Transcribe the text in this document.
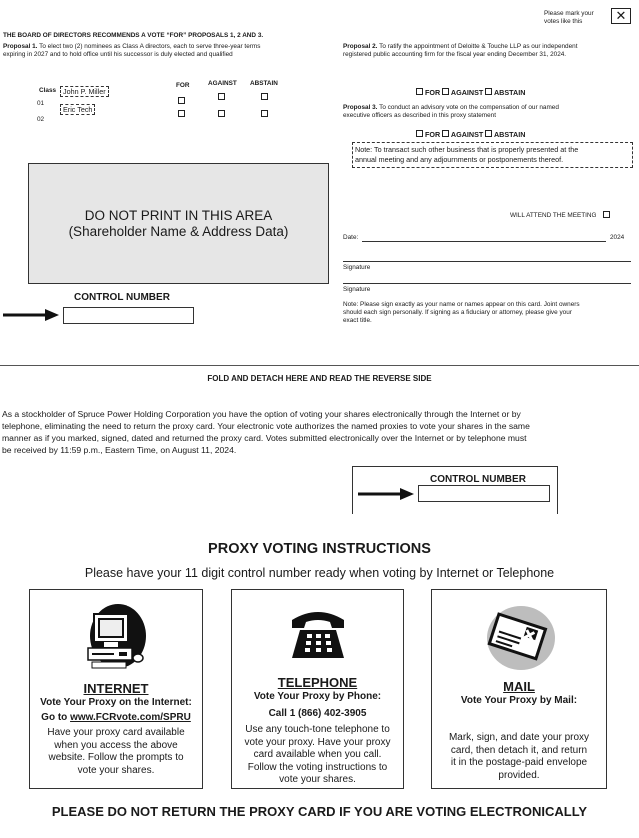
THE BOARD OF DIRECTORS RECOMMENDS A VOTE “FOR” PROPOSALS 1, 2 AND 3.
Please mark your
votes like this	✕
Proposal 1. To elect two (2) nominees as Class A directors, each to serve three-year terms
expiring in 2027 and to hold office until his successor is duly elected and qualified
Class
01
02
John P. Miller
Eric Tech
FOR	AGAINST ABSTAIN
Proposal 2. To ratify the appointment of Deloitte & Touche LLP as our independent
registered public accounting firm for the fiscal year ending December 31, 2024.
FOR AGAINST ABSTAIN
Proposal 3. To conduct an advisory vote on the compensation of our named
executive officers as described in this proxy statement
FOR AGAINST ABSTAIN
Note: To transact such other business that is properly presented at the
annual meeting and any adjournments or postponements thereof.
DO NOT PRINT IN THIS AREA
(Shareholder Name & Address Data)
WILL ATTEND THE MEETING
Date:	2024
Signature
Signature
Note: Please sign exactly as your name or names appear on this card. Joint owners
should each sign personally. If signing as a fiduciary or attorney, please give your
exact title.
CONTROL NUMBER
FOLD AND DETACH HERE AND READ THE REVERSE SIDE
As a stockholder of Spruce Power Holding Corporation you have the option of voting your shares electronically through the Internet or by
telephone, eliminating the need to return the proxy card. Your electronic vote authorizes the named proxies to vote your shares in the same
manner as if you marked, signed, dated and returned the proxy card. Votes submitted electronically over the Internet or by telephone must
be received by 11:59 p.m., Eastern Time, on August 11, 2024.
CONTROL NUMBER
PROXY VOTING INSTRUCTIONS
Please have your 11 digit control number ready when voting by Internet or Telephone
INTERNET
Vote Your Proxy on the Internet:
Go to www.FCRvote.com/SPRU
Have your proxy card available
when you access the above
website. Follow the prompts to
vote your shares.
TELEPHONE
Vote Your Proxy by Phone:
Call 1 (866) 402-3905
Use any touch-tone telephone to
vote your proxy. Have your proxy
card available when you call.
Follow the voting instructions to
vote your shares.
MAIL
Vote Your Proxy by Mail:
Mark, sign, and date your proxy
card, then detach it, and return
it in the postage-paid envelope
provided.
PLEASE DO NOT RETURN THE PROXY CARD IF YOU ARE VOTING ELECTRONICALLY
